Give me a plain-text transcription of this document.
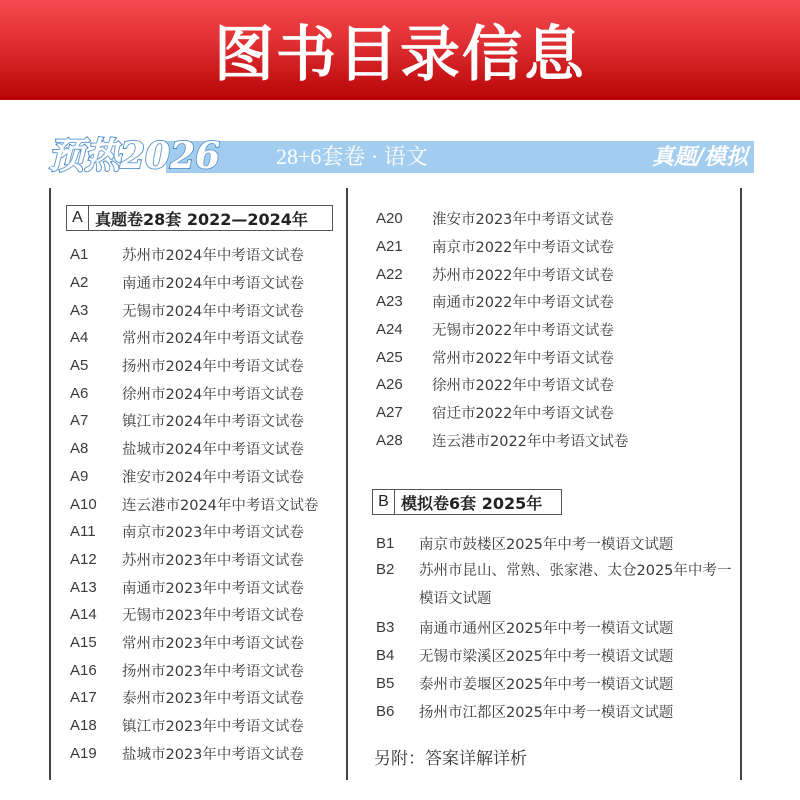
图书目录信息
预热2026	28+6套卷 · 语文	真题/模拟
A 真题卷28套 2022—2024年
A1	苏州市2024年中考语文试卷
A2	南通市2024年中考语文试卷
A3	无锡市2024年中考语文试卷
A4	常州市2024年中考语文试卷
A5	扬州市2024年中考语文试卷
A6	徐州市2024年中考语文试卷
A7	镇江市2024年中考语文试卷
A8	盐城市2024年中考语文试卷
A9	淮安市2024年中考语文试卷
A10	连云港市2024年中考语文试卷
A11	南京市2023年中考语文试卷
A12	苏州市2023年中考语文试卷
A13	南通市2023年中考语文试卷
A14	无锡市2023年中考语文试卷
A15	常州市2023年中考语文试卷
A16	扬州市2023年中考语文试卷
A17	泰州市2023年中考语文试卷
A18	镇江市2023年中考语文试卷
A19	盐城市2023年中考语文试卷
A20	淮安市2023年中考语文试卷
A21	南京市2022年中考语文试卷
A22	苏州市2022年中考语文试卷
A23	南通市2022年中考语文试卷
A24	无锡市2022年中考语文试卷
A25	常州市2022年中考语文试卷
A26	徐州市2022年中考语文试卷
A27	宿迁市2022年中考语文试卷
A28	连云港市2022年中考语文试卷
B 模拟卷6套 2025年
B1	南京市鼓楼区2025年中考一模语文试题
B2	苏州市昆山、常熟、张家港、太仓2025年中考一模语文试题
B3	南通市通州区2025年中考一模语文试题
B4	无锡市梁溪区2025年中考一模语文试题
B5	泰州市姜堰区2025年中考一模语文试题
B6	扬州市江都区2025年中考一模语文试题
另附：答案详解详析
